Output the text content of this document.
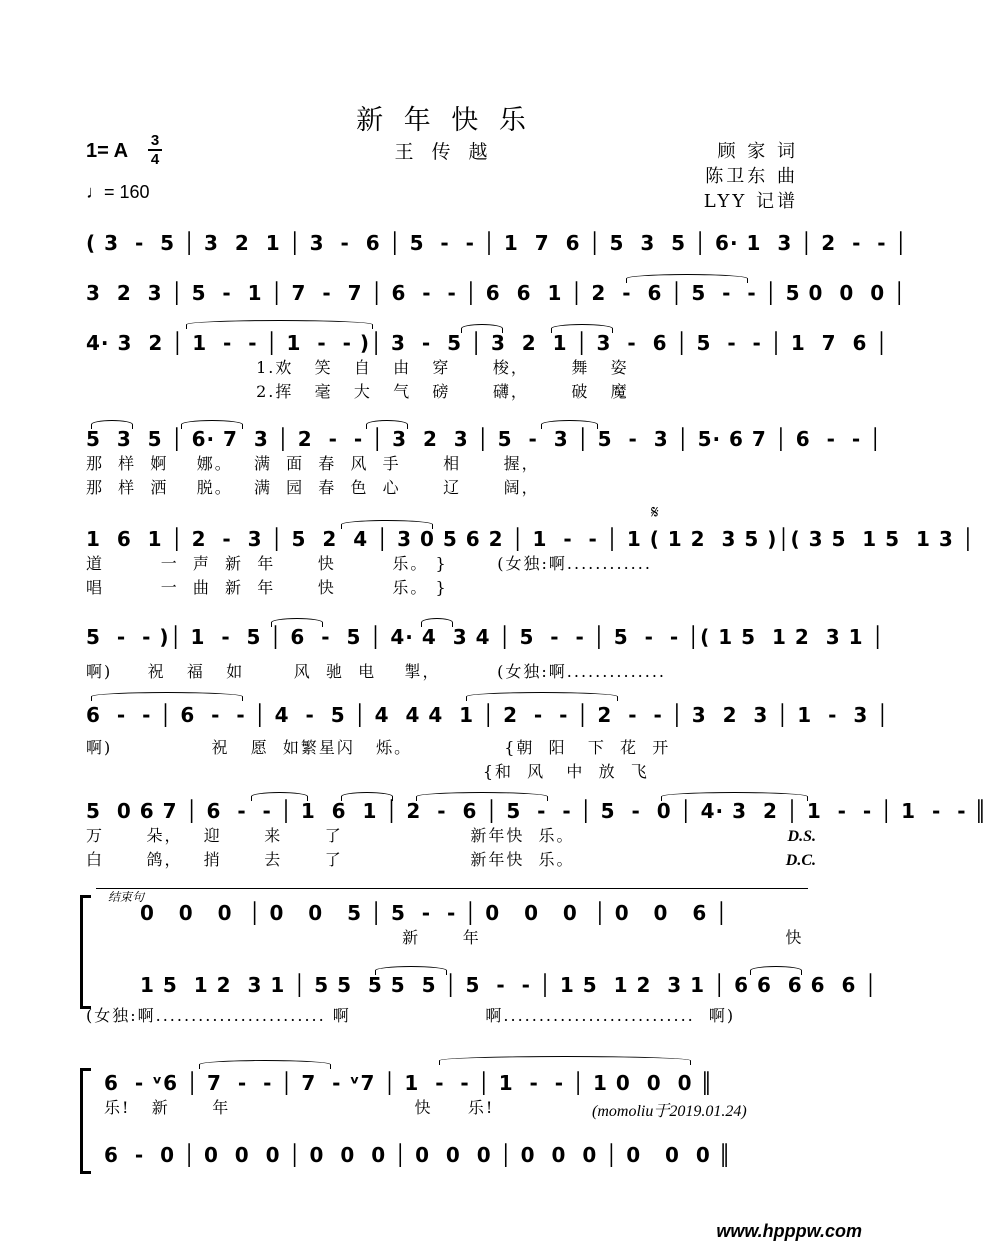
新 年 快 乐
王 传 越
1= A 3
4
♩= 160
顾 家 词
陈卫东 曲
LYY 记谱
( 3  -  5 │ 3  2  1 │ 3  -  6 │ 5  -  - │ 1  7  6 │ 5  3  5 │ 6· 1  3 │ 2  -  - │
3  2  3 │ 5  -  1 │ 7  -  7 │ 6  -  - │ 6  6  1 │ 2  -  6 │ 5  -  - │ 5 0  0  0 │
4· 3  2 │ 1  -  - │ 1  -  - )│ 3  -  5 │ 3  2  1 │ 3  -  6 │ 5  -  - │ 1  7  6 │
1.欢   笑   自   由   穿      梭，      舞   姿
2.挥   毫   大   气   磅      礴，      破   魔
5  3  5 │ 6· 7  3 │ 2  -  - │ 3  2  3 │ 5  -  3 │ 5  -  3 │ 5· 6 7 │ 6  -  - │
那  样  婀    娜。   满  面  春  风  手      相      握，
那  样  洒    脱。   满  园  春  色  心      辽      阔，
𝄋
1  6  1 │ 2  -  3 │ 5  2  4 │ 3 0 5 6 2 │ 1  -  - │ 1 ( 1 2  3 5 )│( 3 5  1 5  1 3 │
道        一  声  新  年      快        乐。 }       (女独:啊............
唱        一  曲  新  年      快        乐。 }
5  -  - )│ 1  -  5 │ 6  -  5 │ 4· 4  3 4 │ 5  -  - │ 5  -  - │( 1 5  1 2  3 1 │
啊)     祝   福   如       风  驰  电    掣，        (女独:啊..............
6  -  - │ 6  -  - │ 4  -  5 │ 4  4 4  1 │ 2  -  - │ 2  -  - │ 3  2  3 │ 1  -  3 │
啊)              祝   愿  如繁星闪   烁。             {朝  阳   下  花  开
{和  风   中  放  飞
5  0 6 7 │ 6  -  - │ 1  6  1 │ 2  -  6 │ 5  -  - │ 5  -  0 │ 4· 3  2 │ 1  -  - │ 1  -  - ║
万      朵，   迎      来      了                  新年快  乐。
白      鸽，   捎      去      了                  新年快  乐。
D.S.
D.C.
结束句
0   0   0  │ 0   0   5 │ 5  -  - │ 0   0   0  │ 0   0   6 │
新      年                                           快
1 5  1 2  3 1 │ 5 5  5 5  5 │ 5  -  - │ 1 5  1 2  3 1 │ 6 6  6 6  6 │
(女独:啊........................ 啊                   啊...........................  啊)
6  - ᵛ6 │ 7  -  - │ 7  - ᵛ7 │ 1  -  - │ 1  -  - │ 1 0  0  0 ║
乐!   新      年                          快     乐!	(momoliu于2019.01.24)
6  -  0 │ 0  0  0 │ 0  0  0 │ 0  0  0 │ 0  0  0 │ 0   0  0 ║
www.hpppw.com
